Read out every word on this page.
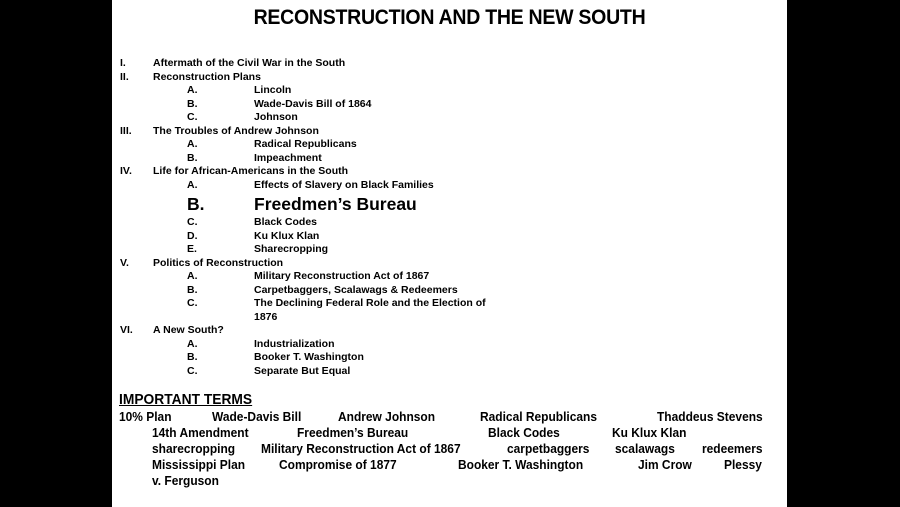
RECONSTRUCTION AND THE NEW SOUTH
I.	Aftermath of the Civil War in the South
II. Reconstruction Plans
A.	Lincoln
B.	Wade-Davis Bill of 1864
C.	Johnson
III. The Troubles of Andrew Johnson
A.	Radical Republicans
B.	Impeachment
IV. Life for African-Americans in the South
A.	Effects of Slavery on Black Families
B.	Freedmen’s Bureau
C.	Black Codes
D.	Ku Klux Klan
E.	Sharecropping
V. Politics of Reconstruction
A.	Military Reconstruction Act of 1867
B.	Carpetbaggers, Scalawags & Redeemers
C.	The Declining Federal Role and the Election of
1876
VI. A New South?
A.	Industrialization
B.	Booker T. Washington
C.	Separate But Equal
IMPORTANT TERMS
10% Plan	Wade-Davis Bill	Andrew Johnson	Radical Republicans	Thaddeus Stevens
14th Amendment	Freedmen’s Bureau	Black Codes	Ku Klux Klan
sharecropping Military Reconstruction Act of 1867	carpetbaggers scalawags redeemers
Mississippi Plan	Compromise of 1877	Booker T. Washington	Jim Crow Plessy
v. Ferguson
